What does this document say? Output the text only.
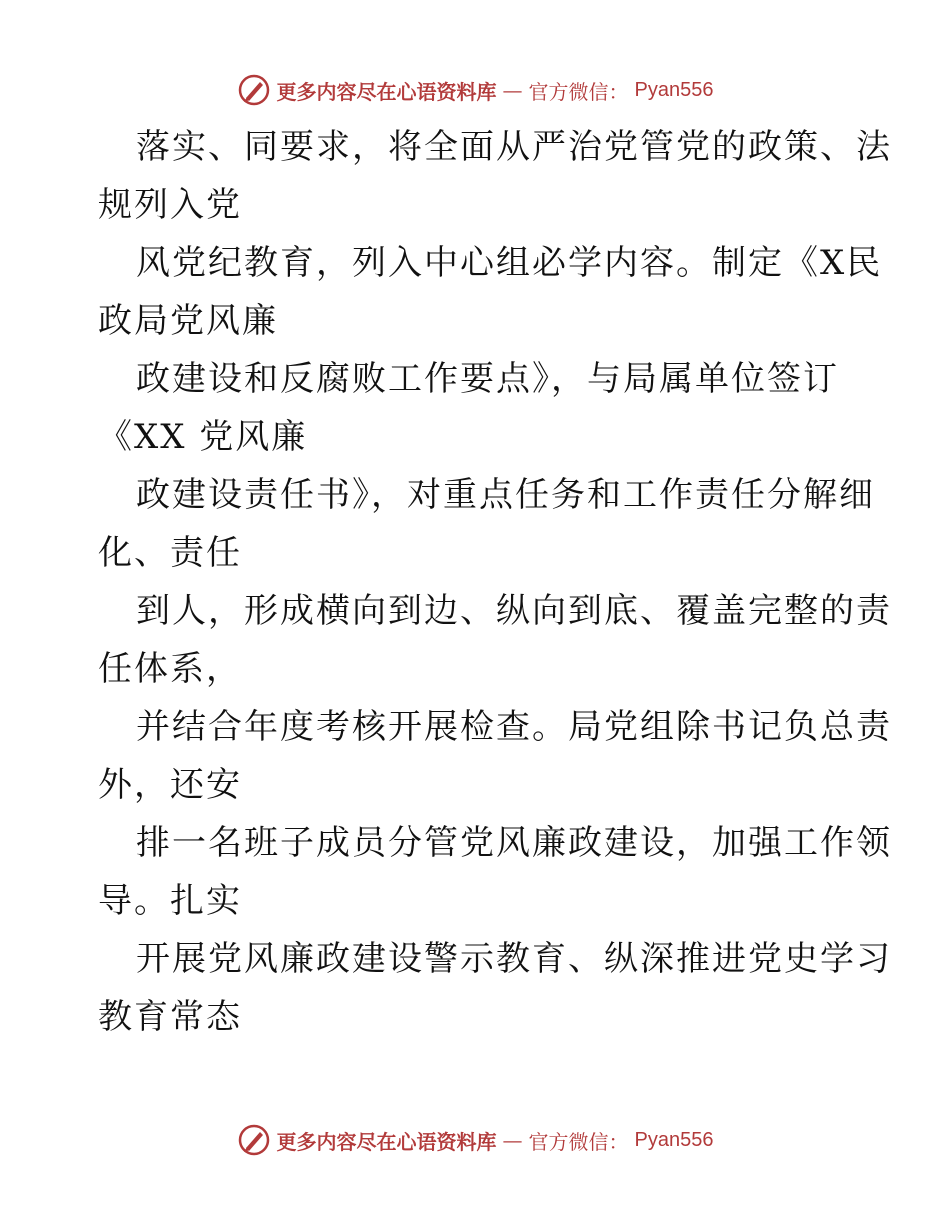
更多内容尽在心语资料库 — 官方微信： Pyan556
落实、同要求，将全面从严治党管党的政策、法
规列入党
风党纪教育，列入中心组必学内容。制定《X民
政局党风廉
政建设和反腐败工作要点》，与局属单位签订
《XX 党风廉
政建设责任书》，对重点任务和工作责任分解细
化、责任
到人，形成横向到边、纵向到底、覆盖完整的责
任体系，
并结合年度考核开展检查。局党组除书记负总责
外，还安
排一名班子成员分管党风廉政建设，加强工作领
导。扎实
开展党风廉政建设警示教育、纵深推进党史学习
教育常态
更多内容尽在心语资料库 — 官方微信： Pyan556
